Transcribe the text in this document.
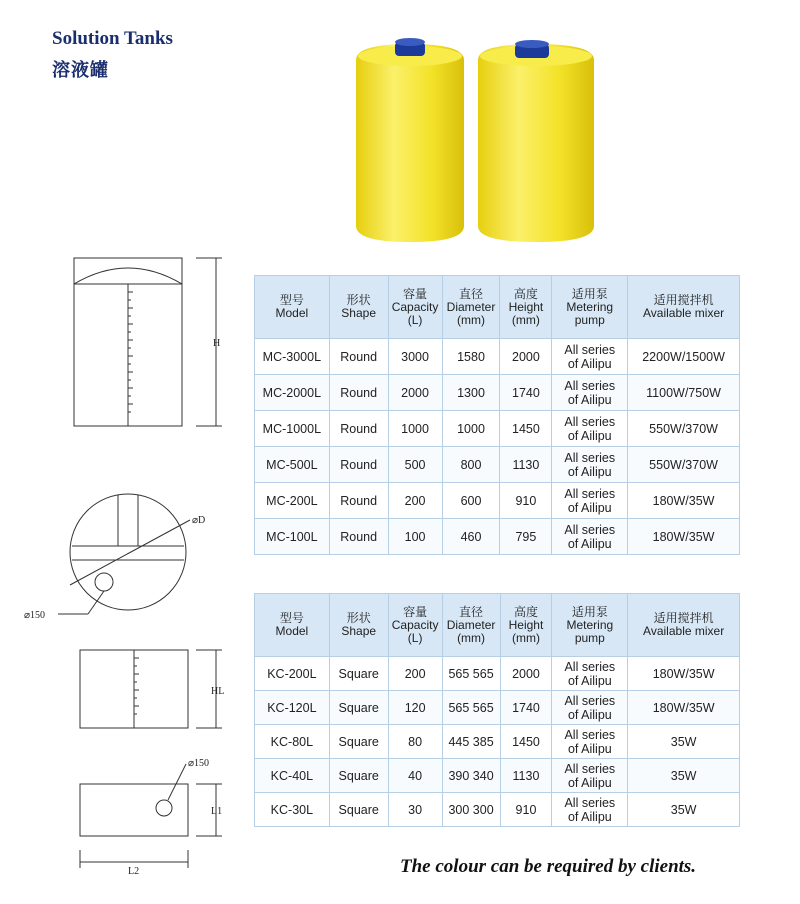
Solution Tanks
溶液罐
H
⌀D
⌀150
HL
⌀150
L1
L2
型号
Model	形状
Shape	容量
Capacity
(L)	直径
Diameter
(mm)	高度
Height
(mm)	适用泵
Metering
pump	适用搅拌机
Available mixer

MC-3000L	Round	3000	1580	2000	All series
of Ailipu	2200W/1500W
MC-2000L	Round	2000	1300	1740	All series
of Ailipu	1100W/750W
MC-1000L	Round	1000	1000	1450	All series
of Ailipu	550W/370W
MC-500L	Round	500	800	1130	All series
of Ailipu	550W/370W
MC-200L	Round	200	600	910	All series
of Ailipu	180W/35W
MC-100L	Round	100	460	795	All series
of Ailipu	180W/35W
型号
Model	形状
Shape	容量
Capacity
(L)	直径
Diameter
(mm)	高度
Height
(mm)	适用泵
Metering
pump	适用搅拌机
Available mixer

KC-200L	Square	200	565 565	2000	All series
of Ailipu	180W/35W
KC-120L	Square	120	565 565	1740	All series
of Ailipu	180W/35W
KC-80L	Square	80	445 385	1450	All series
of Ailipu	35W
KC-40L	Square	40	390 340	1130	All series
of Ailipu	35W
KC-30L	Square	30	300 300	910	All series
of Ailipu	35W
The colour can be required by clients.
